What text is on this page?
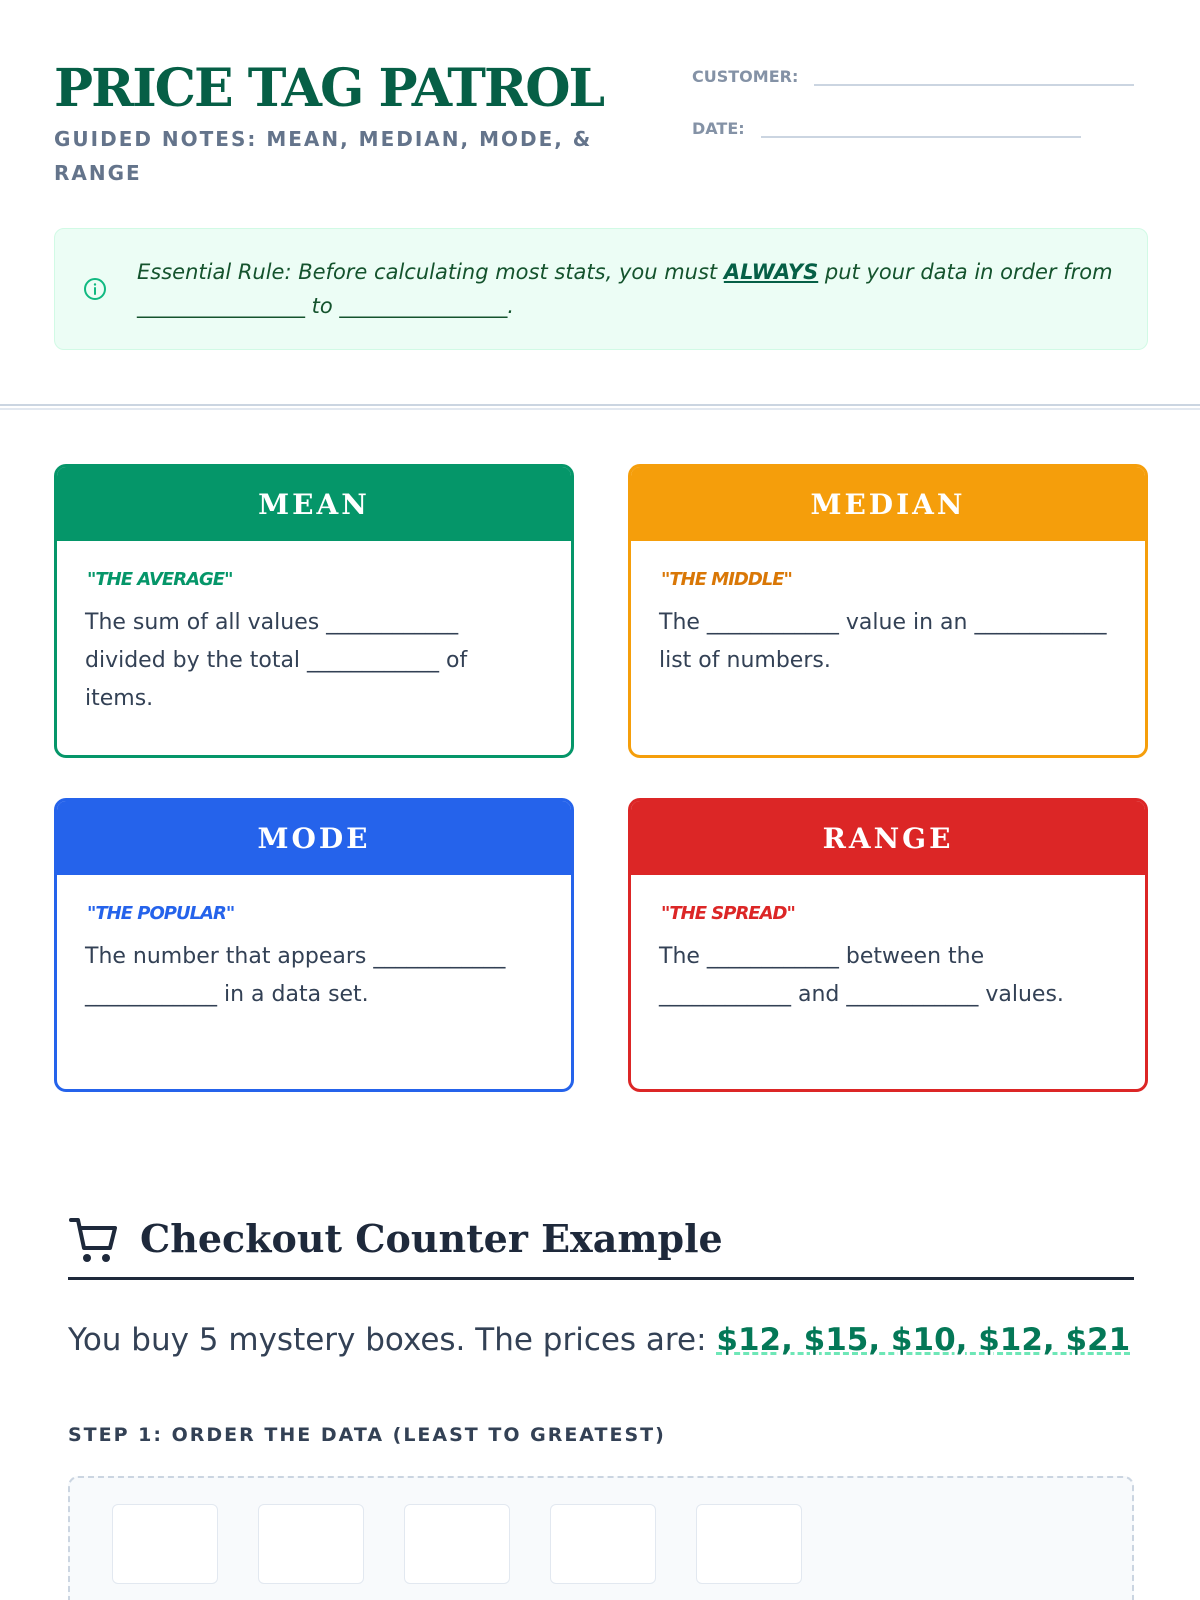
PRICE TAG PATROL
GUIDED NOTES: MEAN, MEDIAN, MODE, & RANGE
CUSTOMER:
DATE:
Essential Rule: Before calculating most stats, you must ALWAYS put your data in order from ________________ to ________________.
MEAN
"THE AVERAGE"
The sum of all values ____________ divided by the total ____________ of items.
MEDIAN
"THE MIDDLE"
The ____________ value in an ____________ list of numbers.
MODE
"THE POPULAR"
The number that appears ____________ ____________ in a data set.
RANGE
"THE SPREAD"
The ____________ between the ____________ and ____________ values.
Checkout Counter Example
You buy 5 mystery boxes. The prices are: $12, $15, $10, $12, $21
STEP 1: ORDER THE DATA (LEAST TO GREATEST)
